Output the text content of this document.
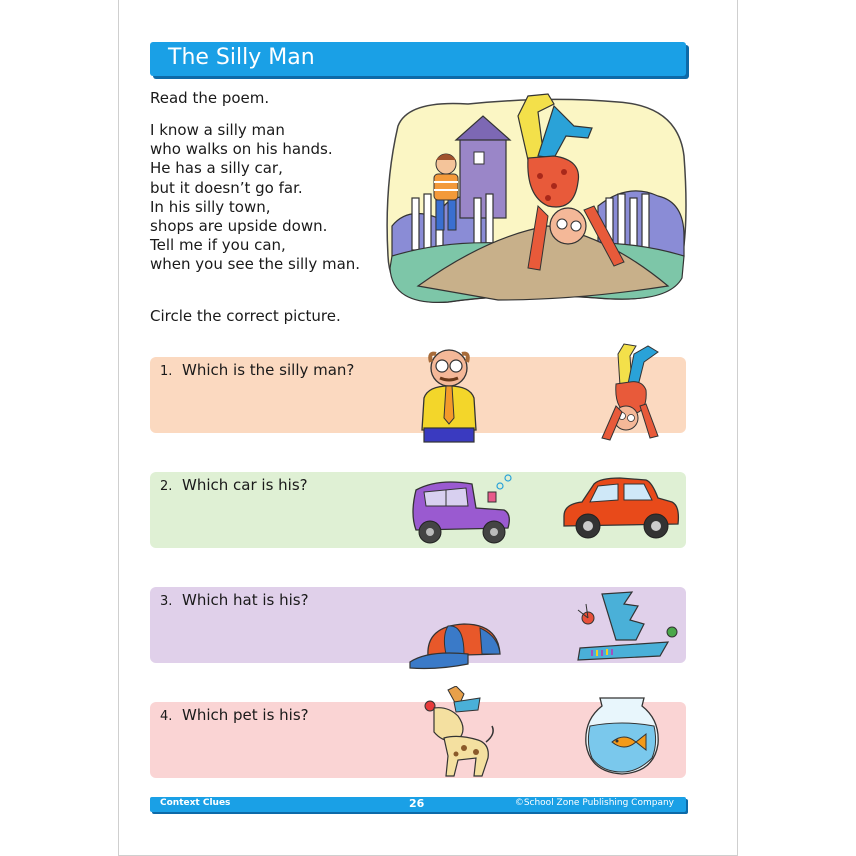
The Silly Man
Read the poem.
I know a silly man
who walks on his hands.
He has a silly car,
but it doesn’t go far.
In his silly town,
shops are upside down.
Tell me if you can,
when you see the silly man.
Circle the correct picture.
1. Which is the silly man?
2. Which car is his?
3. Which hat is his?
4. Which pet is his?
Context Clues	26	©School Zone Publishing Company
